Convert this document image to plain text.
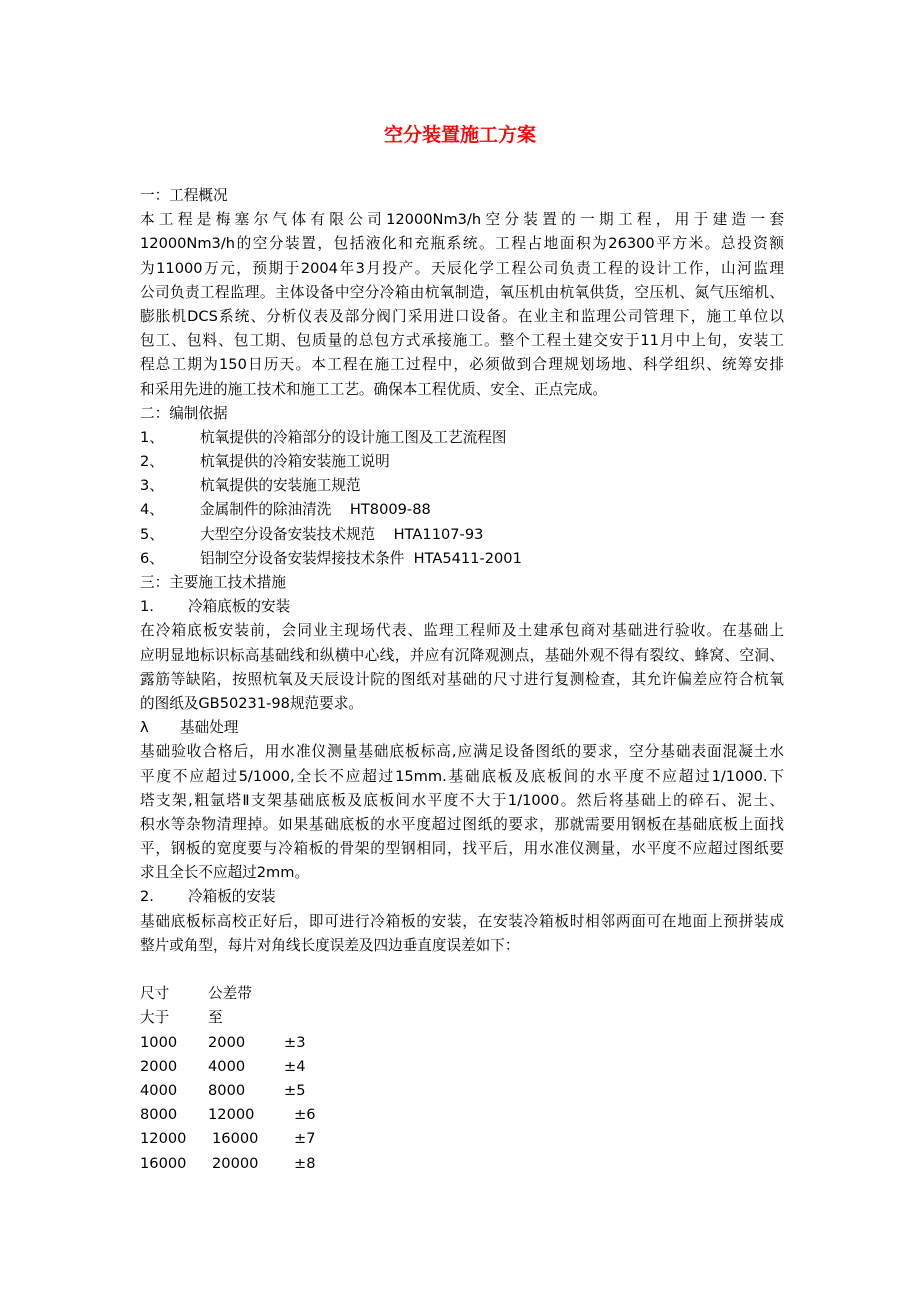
空分装置施工方案
一：工程概况
本工程是梅塞尔气体有限公司12000Nm3/h空分装置的一期工程，用于建造一套
12000Nm3/h的空分装置，包括液化和充瓶系统。工程占地面积为26300平方米。总投资额
为11000万元，预期于2004年3月投产。天辰化学工程公司负责工程的设计工作，山河监理
公司负责工程监理。主体设备中空分冷箱由杭氧制造，氧压机由杭氧供货，空压机、氮气压缩机、
膨胀机DCS系统、分析仪表及部分阀门采用进口设备。在业主和监理公司管理下，施工单位以
包工、包料、包工期、包质量的总包方式承接施工。整个工程土建交安于11月中上旬，安装工
程总工期为150日历天。本工程在施工过程中，必须做到合理规划场地、科学组织、统筹安排
和采用先进的施工技术和施工工艺。确保本工程优质、安全、正点完成。
二：编制依据
1、 杭氧提供的冷箱部分的设计施工图及工艺流程图
2、 杭氧提供的冷箱安装施工说明
3、 杭氧提供的安装施工规范
4、 金属制件的除油清洗    HT8009-88
5、 大型空分设备安装技术规范    HTA1107-93
6、 铝制空分设备安装焊接技术条件  HTA5411-2001
三：主要施工技术措施
1. 冷箱底板的安装
在冷箱底板安装前，会同业主现场代表、监理工程师及土建承包商对基础进行验收。在基础上
应明显地标识标高基础线和纵横中心线，并应有沉降观测点，基础外观不得有裂纹、蜂窝、空洞、
露筋等缺陷，按照杭氧及天辰设计院的图纸对基础的尺寸进行复测检查，其允许偏差应符合杭氧
的图纸及GB50231-98规范要求。
λ 基础处理
基础验收合格后，用水准仪测量基础底板标高,应满足设备图纸的要求，空分基础表面混凝土水
平度不应超过5/1000,全长不应超过15mm.基础底板及底板间的水平度不应超过1/1000.下
塔支架,粗氩塔Ⅱ支架基础底板及底板间水平度不大于1/1000。然后将基础上的碎石、泥土、
积水等杂物清理掉。如果基础底板的水平度超过图纸的要求，那就需要用钢板在基础底板上面找
平，钢板的宽度要与冷箱板的骨架的型钢相同，找平后，用水准仪测量，水平度不应超过图纸要
求且全长不应超过2mm。
2. 冷箱板的安装
基础底板标高校正好后，即可进行冷箱板的安装，在安装冷箱板时相邻两面可在地面上预拼装成
整片或角型，每片对角线长度误差及四边垂直度误差如下：
尺寸	公差带
大于	至
1000 2000	±3
2000 4000	±4
4000 8000	±5
8000 12000	±6
12000 16000 ±7
16000 20000 ±8
